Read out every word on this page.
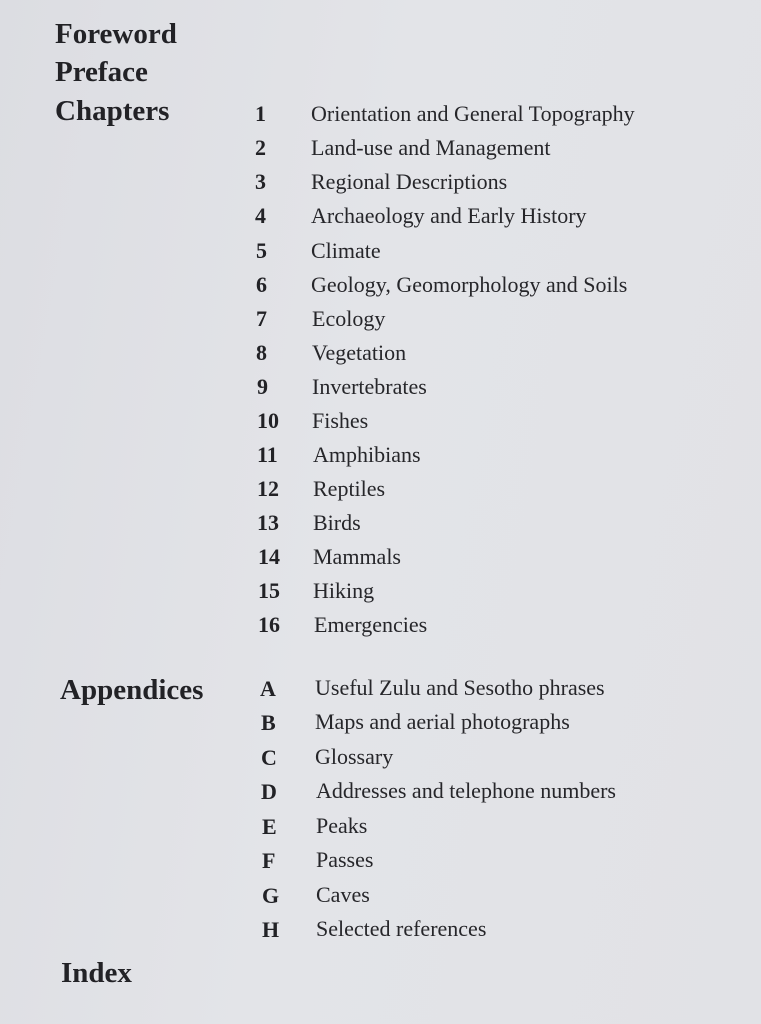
Foreword
Preface
Chapters	1 Orientation and General Topography
2 Land-use and Management
3 Regional Descriptions
4 Archaeology and Early History
5 Climate
6 Geology, Geomorphology and Soils
7 Ecology
8 Vegetation
9 Invertebrates
10 Fishes
11 Amphibians
12 Reptiles
13 Birds
14 Mammals
15 Hiking
16 Emergencies
Appendices	A Useful Zulu and Sesotho phrases
B Maps and aerial photographs
C Glossary
D Addresses and telephone numbers
E Peaks
F Passes
G Caves
H Selected references
Index
